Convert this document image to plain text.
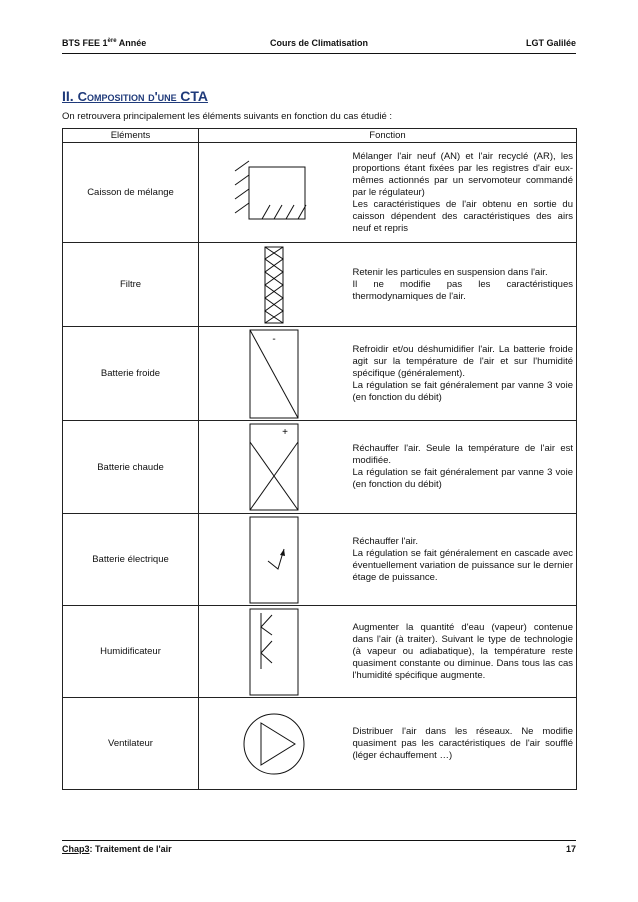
BTS FEE 1ère Année	Cours de Climatisation	LGT Galilée
II. Composition d'une CTA
On retrouvera principalement les éléments suivants en fonction du cas étudié :
Eléments	Fonction	
Caisson de mélange		Mélanger l'air neuf (AN) et l'air recyclé (AR), les proportions étant fixées par les registres d'air eux-mêmes actionnés par un servomoteur commandé par le régulateur)
Les caractéristiques de l'air obtenu en sortie du caisson dépendent des caractéristiques des airs neuf et repris

Filtre		Retenir les particules en suspension dans l'air.
Il ne modifie pas les caractéristiques thermodynamiques de l'air.

Batterie froide	-	Refroidir et/ou déshumidifier l'air. La batterie froide agit sur la température de l'air et sur l'humidité spécifique (généralement).
La régulation se fait généralement par vanne 3 voie (en fonction du débit)

Batterie chaude	+	Réchauffer l'air. Seule la température de l'air est modifiée.
La régulation se fait généralement par vanne 3 voie (en fonction du débit)

Batterie électrique		Réchauffer l'air.
La régulation se fait généralement en cascade avec éventuellement variation de puissance sur le dernier étage de puissance.

Humidificateur		Augmenter la quantité d'eau (vapeur) contenue dans l'air (à traiter). Suivant le type de technologie (à vapeur ou adiabatique), la température reste quasiment constante ou diminue. Dans tous las cas l'humidité spécifique augmente.

Ventilateur		Distribuer l'air dans les réseaux. Ne modifie quasiment pas les caractéristiques de l'air soufflé (léger échauffement …)
Chap3: Traitement de l'air	17
